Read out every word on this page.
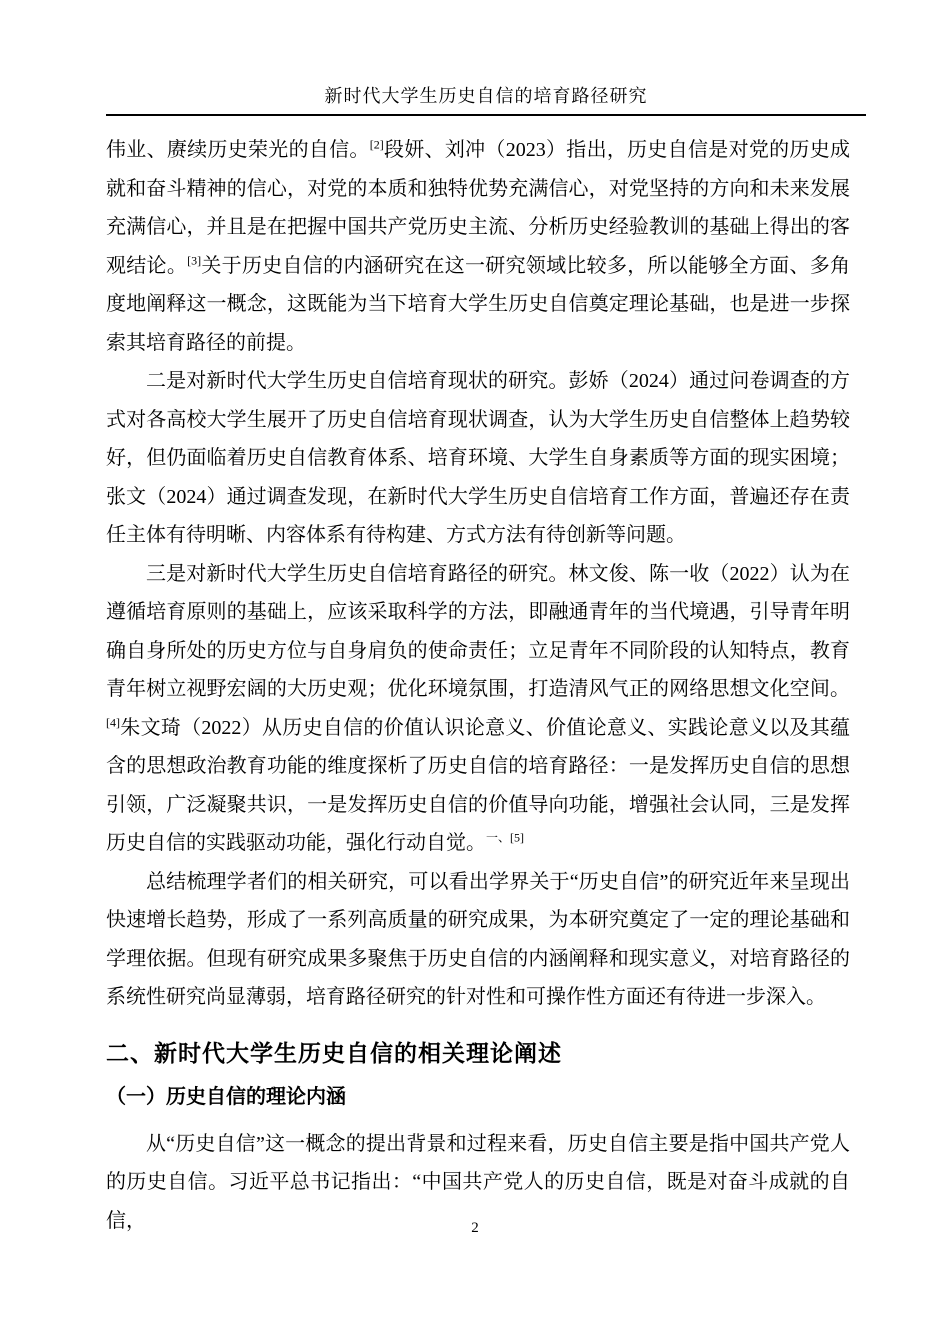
新时代大学生历史自信的培育路径研究

伟业、赓续历史荣光的自信。[2]段妍、刘冲（2023）指出，历史自信是对党的历史成就和奋斗精神的信心，对党的本质和独特优势充满信心，对党坚持的方向和未来发展充满信心，并且是在把握中国共产党历史主流、分析历史经验教训的基础上得出的客观结论。[3]关于历史自信的内涵研究在这一研究领域比较多，所以能够全方面、多角度地阐释这一概念，这既能为当下培育大学生历史自信奠定理论基础，也是进一步探索其培育路径的前提。

二是对新时代大学生历史自信培育现状的研究。彭娇（2024）通过问卷调查的方式对各高校大学生展开了历史自信培育现状调查，认为大学生历史自信整体上趋势较好，但仍面临着历史自信教育体系、培育环境、大学生自身素质等方面的现实困境；张文（2024）通过调查发现，在新时代大学生历史自信培育工作方面，普遍还存在责任主体有待明晰、内容体系有待构建、方式方法有待创新等问题。

三是对新时代大学生历史自信培育路径的研究。林文俊、陈一收（2022）认为在遵循培育原则的基础上，应该采取科学的方法，即融通青年的当代境遇，引导青年明确自身所处的历史方位与自身肩负的使命责任；立足青年不同阶段的认知特点，教育青年树立视野宏阔的大历史观；优化环境氛围，打造清风气正的网络思想文化空间。[4]朱文琦（2022）从历史自信的价值认识论意义、价值论意义、实践论意义以及其蕴含的思想政治教育功能的维度探析了历史自信的培育路径：一是发挥历史自信的思想引领，广泛凝聚共识，一是发挥历史自信的价值导向功能，增强社会认同，三是发挥历史自信的实践驱动功能，强化行动自觉。$^{一、[5]}$

总结梳理学者们的相关研究，可以看出学界关于“历史自信”的研究近年来呈现出快速增长趋势，形成了一系列高质量的研究成果，为本研究奠定了一定的理论基础和学理依据。但现有研究成果多聚焦于历史自信的内涵阐释和现实意义，对培育路径的系统性研究尚显薄弱，培育路径研究的针对性和可操作性方面还有待进一步深入。

二、新时代大学生历史自信的相关理论阐述
（一）历史自信的理论内涵

从“历史自信”这一概念的提出背景和过程来看，历史自信主要是指中国共产党人的历史自信。习近平总书记指出：“中国共产党人的历史自信，既是对奋斗成就的自信，	2
